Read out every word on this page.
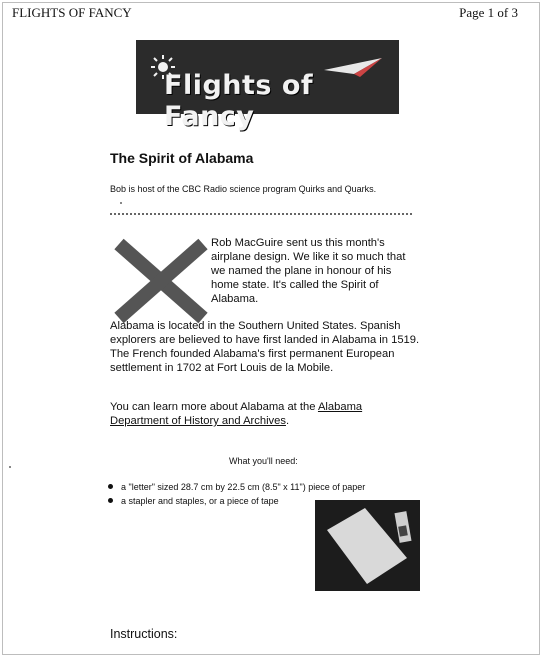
FLIGHTS OF FANCY	Page 1 of 3
Flights of Fancy
The Spirit of Alabama
Bob is host of the CBC Radio science program Quirks and Quarks.
Rob MacGuire sent us this month's airplane design. We like it so much that we named the plane in honour of his home state. It's called the Spirit of Alabama.
Alabama is located in the Southern United States. Spanish explorers are believed to have first landed in Alabama in 1519. The French founded Alabama's first permanent European settlement in 1702 at Fort Louis de la Mobile.
You can learn more about Alabama at the Alabama Department of History and Archives.
What you'll need:
a "letter" sized 28.7 cm by 22.5 cm (8.5" x 11") piece of paper
a stapler and staples, or a piece of tape
Instructions:
